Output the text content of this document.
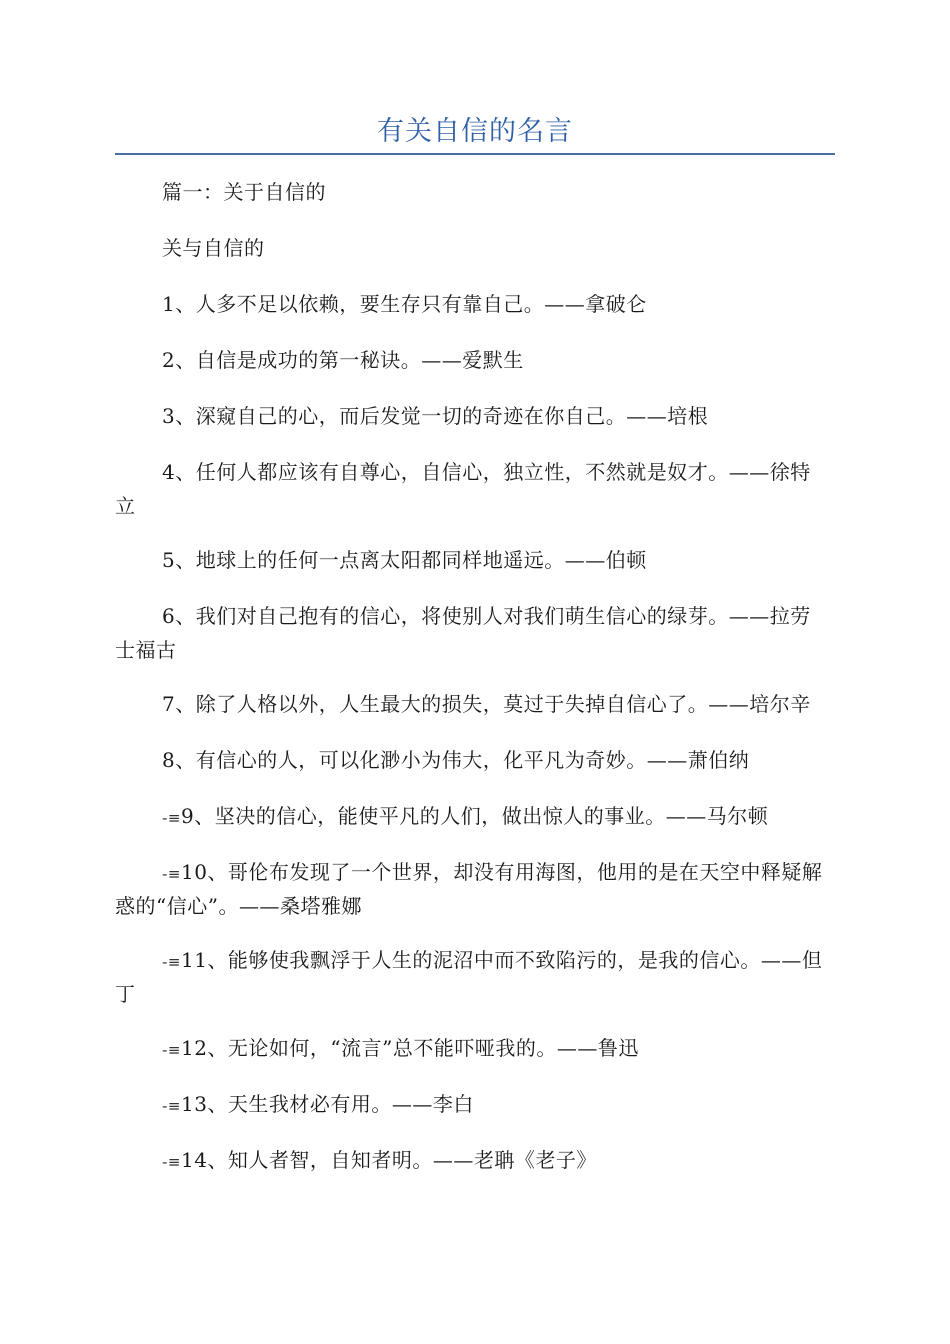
有关自信的名言

篇一：关于自信的

关与自信的

1、人多不足以依赖，要生存只有靠自己。——拿破仑

2、自信是成功的第一秘诀。——爱默生

3、深窥自己的心，而后发觉一切的奇迹在你自己。——培根

4、任何人都应该有自尊心，自信心，独立性，不然就是奴才。——徐特立

5、地球上的任何一点离太阳都同样地遥远。——伯顿

6、我们对自己抱有的信心，将使别人对我们萌生信心的绿芽。——拉劳士福古

7、除了人格以外，人生最大的损失，莫过于失掉自信心了。——培尔辛

8、有信心的人，可以化渺小为伟大，化平凡为奇妙。——萧伯纳

-≡9、坚决的信心，能使平凡的人们，做出惊人的事业。——马尔顿

-≡10、哥伦布发现了一个世界，却没有用海图，他用的是在天空中释疑解惑的“信心”。——桑塔雅娜

-≡11、能够使我飘浮于人生的泥沼中而不致陷污的，是我的信心。——但丁

-≡12、无论如何，“流言”总不能吓哑我的。——鲁迅

-≡13、天生我材必有用。——李白

-≡14、知人者智，自知者明。——老聃《老子》
